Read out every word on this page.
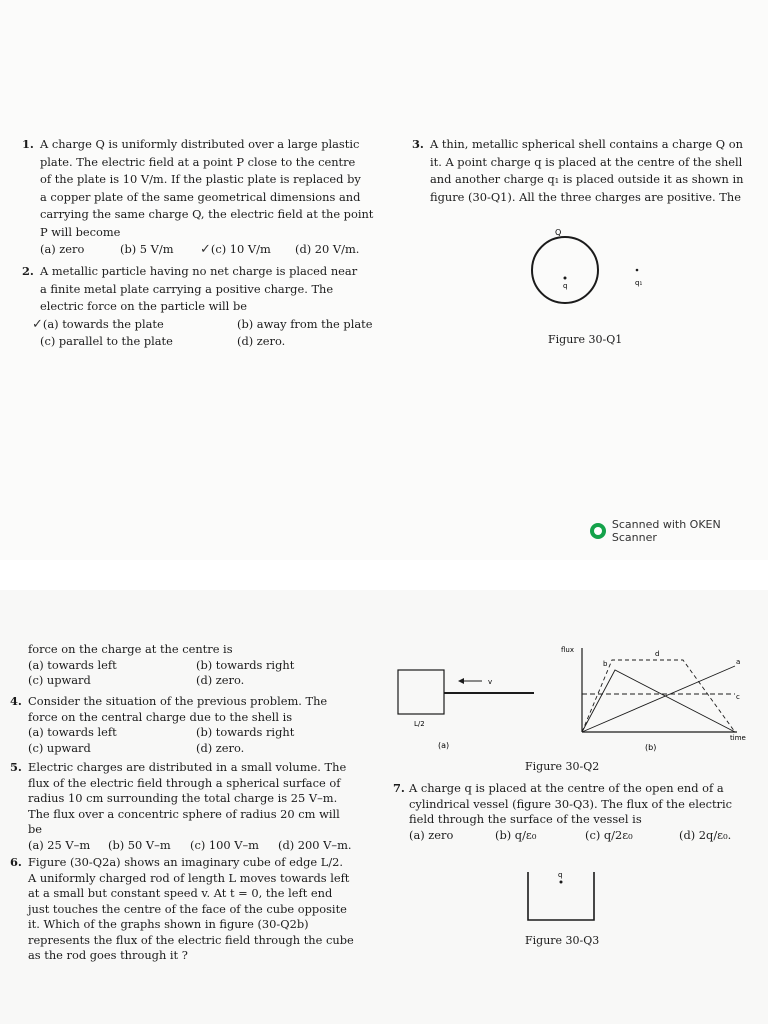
1. A charge Q is uniformly distributed over a large plastic

plate. The electric field at a point P close to the centre

of the plate is 10 V/m. If the plastic plate is replaced by

a copper plate of the same geometrical dimensions and

carrying the same charge Q, the electric field at the point

P will become

(a) zero	(b) 5 V/m	✓(c) 10 V/m	(d) 20 V/m.
2. A metallic particle having no net charge is placed near

a finite metal plate carrying a positive charge. The

electric force on the particle will be

✓(a) towards the plate	(b) away from the plate
(c) parallel to the plate	(d) zero.
3. A thin, metallic spherical shell contains a charge Q on

it. A point charge q is placed at the centre of the shell

and another charge q₁ is placed outside it as shown in

figure (30-Q1). All the three charges are positive. The

Q
q	q₁
Figure 30-Q1
Scanned with OKEN Scanner

force on the charge at the centre is

(a) towards left	(b) towards right
(c) upward	(d) zero.
4. Consider the situation of the previous problem. The

force on the central charge due to the shell is

(a) towards left	(b) towards right
(c) upward	(d) zero.
5. Electric charges are distributed in a small volume. The

flux of the electric field through a spherical surface of

radius 10 cm surrounding the total charge is 25 V–m.

The flux over a concentric sphere of radius 20 cm will

be

(a) 25 V–m	(b) 50 V–m	(c) 100 V–m	(d) 200 V–m.
6. Figure (30-Q2a) shows an imaginary cube of edge L/2.

A uniformly charged rod of length L moves towards left

at a small but constant speed v. At t = 0, the left end

just touches the centre of the face of the cube opposite

it. Which of the graphs shown in figure (30-Q2b)

represents the flux of the electric field through the cube

as the rod goes through it ?

v
L/2
(a)
flux
time
a
b
c
d
(b)
Figure 30-Q2
7. A charge q is placed at the centre of the open end of a

cylindrical vessel (figure 30-Q3). The flux of the electric

field through the surface of the vessel is

(a) zero	(b) q/ε₀	(c) q/2ε₀	(d) 2q/ε₀.
q
Figure 30-Q3
